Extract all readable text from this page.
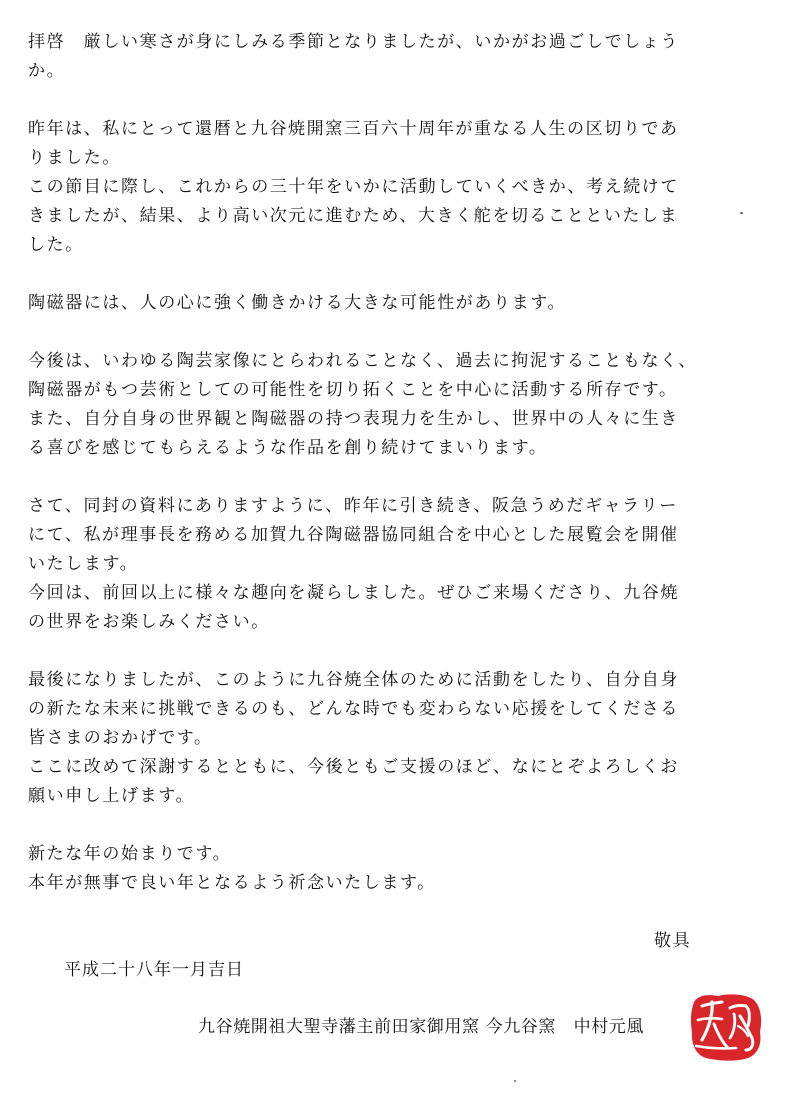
拝啓　厳しい寒さが身にしみる季節となりましたが、いかがお過ごしでしょう
か。
昨年は、私にとって還暦と九谷焼開窯三百六十周年が重なる人生の区切りであ
りました。
この節目に際し、これからの三十年をいかに活動していくべきか、考え続けて
きましたが、結果、より高い次元に進むため、大きく舵を切ることといたしま
した。
陶磁器には、人の心に強く働きかける大きな可能性があります。
今後は、いわゆる陶芸家像にとらわれることなく、過去に拘泥することもなく、
陶磁器がもつ芸術としての可能性を切り拓くことを中心に活動する所存です。
また、自分自身の世界観と陶磁器の持つ表現力を生かし、世界中の人々に生き
る喜びを感じてもらえるような作品を創り続けてまいります。
さて、同封の資料にありますように、昨年に引き続き、阪急うめだギャラリー
にて、私が理事長を務める加賀九谷陶磁器協同組合を中心とした展覧会を開催
いたします。
今回は、前回以上に様々な趣向を凝らしました。ぜひご来場くださり、九谷焼
の世界をお楽しみください。
最後になりましたが、このように九谷焼全体のために活動をしたり、自分自身
の新たな未来に挑戦できるのも、どんな時でも変わらない応援をしてくださる
皆さまのおかげです。
ここに改めて深謝するとともに、今後ともご支援のほど、なにとぞよろしくお
願い申し上げます。
新たな年の始まりです。
本年が無事で良い年となるよう祈念いたします。
敬具
平成二十八年一月吉日
九谷焼開祖大聖寺藩主前田家御用窯 今九谷窯　中村元風
